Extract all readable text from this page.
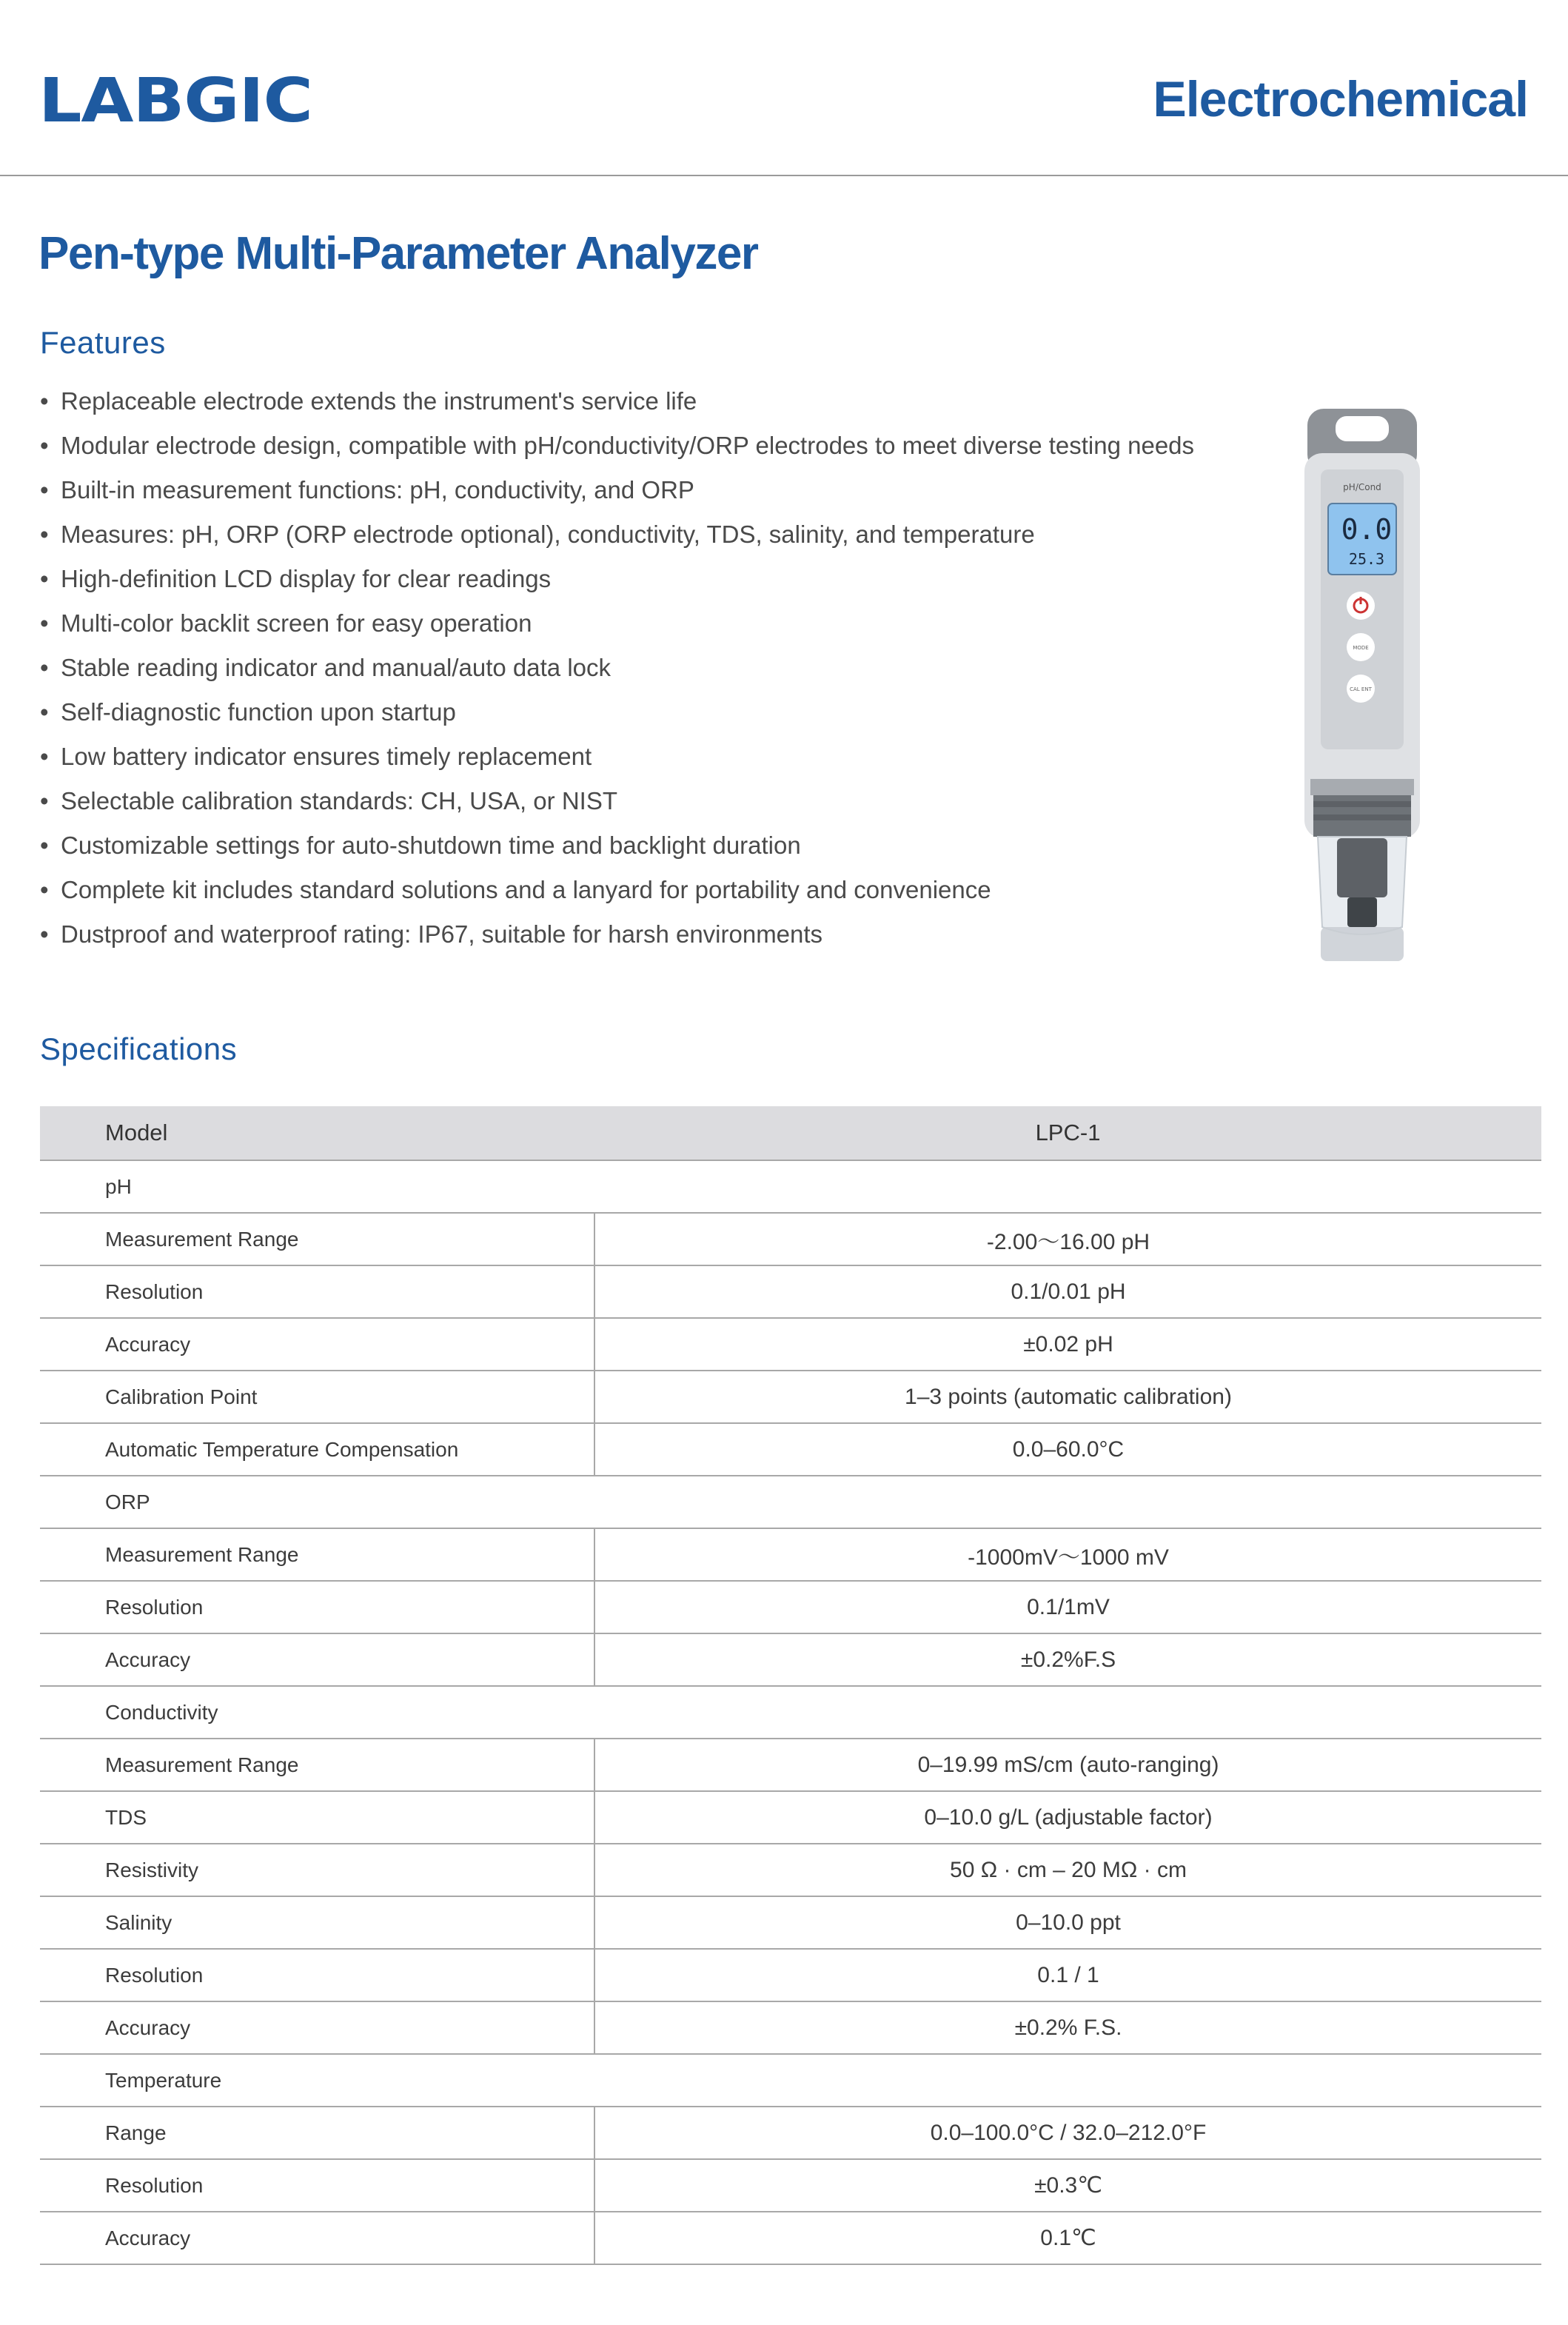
LABGIC	Electrochemical
Pen-type Multi-Parameter Analyzer
Features
• Replaceable electrode extends the instrument's service life
• Modular electrode design, compatible with pH/conductivity/ORP electrodes to meet diverse testing needs
• Built-in measurement functions: pH, conductivity, and ORP
• Measures: pH, ORP (ORP electrode optional), conductivity, TDS, salinity, and temperature
• High-definition LCD display for clear readings
• Multi-color backlit screen for easy operation
• Stable reading indicator and manual/auto data lock
• Self-diagnostic function upon startup
• Low battery indicator ensures timely replacement
• Selectable calibration standards: CH, USA, or NIST
• Customizable settings for auto-shutdown time and backlight duration
• Complete kit includes standard solutions and a lanyard for portability and convenience
• Dustproof and waterproof rating: IP67, suitable for harsh environments
pH/Cond
0.0
25.3
MODE
CAL ENT
Specifications
Model	LPC-1
pH	
Measurement Range	-2.00〜16.00 pH
Resolution	0.1/0.01 pH
Accuracy	±0.02 pH
Calibration Point	1–3 points (automatic calibration)
Automatic Temperature Compensation	0.0–60.0°C
ORP	
Measurement Range	-1000mV〜1000 mV
Resolution	0.1/1mV
Accuracy	±0.2%F.S
Conductivity	
Measurement Range	0–19.99 mS/cm (auto-ranging)
TDS	0–10.0 g/L (adjustable factor)
Resistivity	50 Ω · cm – 20 MΩ · cm
Salinity	0–10.0 ppt
Resolution	0.1 / 1
Accuracy	±0.2% F.S.
Temperature	
Range	0.0–100.0°C / 32.0–212.0°F
Resolution	±0.3℃
Accuracy	0.1℃
